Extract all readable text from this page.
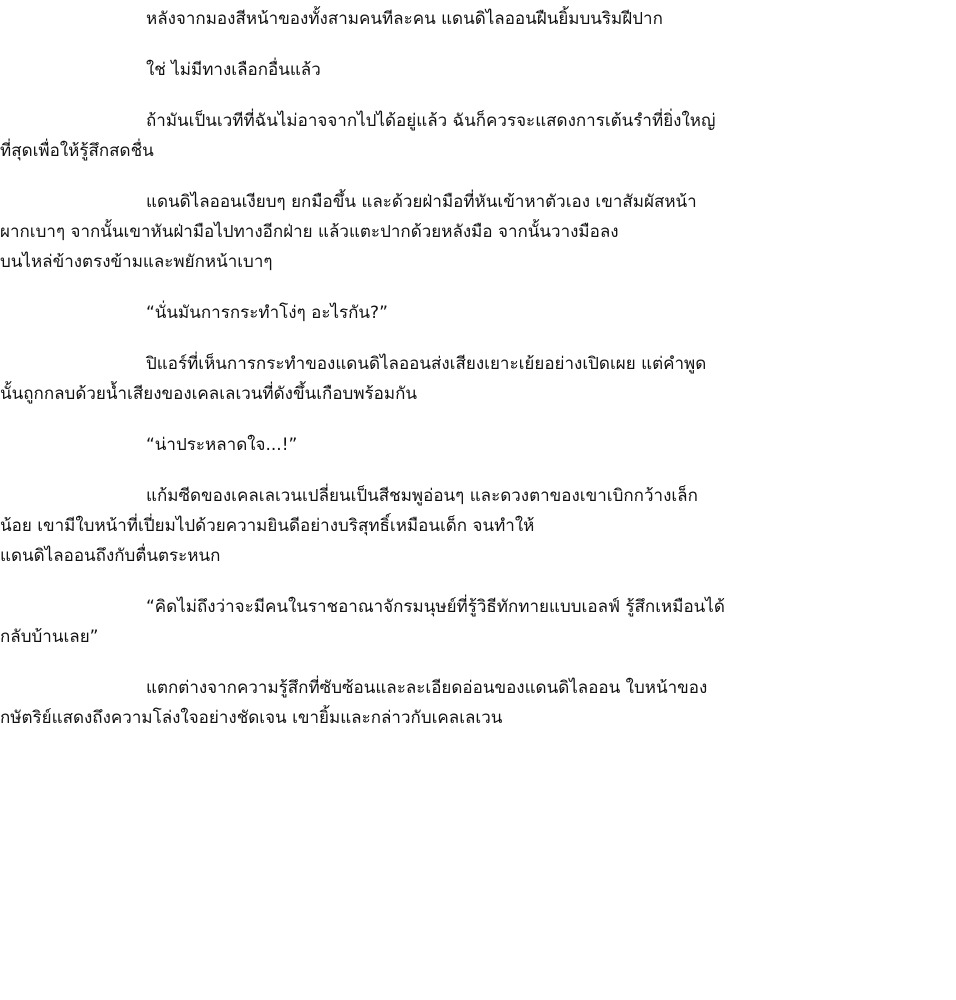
หลังจากมองสีหน้าของทั้งสามคนทีละคน แดนดิไลออนฝืนยิ้มบนริมฝีปาก
ใช่ ไม่มีทางเลือกอื่นแล้ว
ถ้ามันเป็นเวทีที่ฉันไม่อาจจากไปได้อยู่แล้ว ฉันก็ควรจะแสดงการเต้นรำที่ยิ่งใหญ่
ที่สุดเพื่อให้รู้สึกสดชื่น
แดนดิไลออนเงียบๆ ยกมือขึ้น และด้วยฝ่ามือที่หันเข้าหาตัวเอง เขาสัมผัสหน้า
ผากเบาๆ จากนั้นเขาหันฝ่ามือไปทางอีกฝ่าย แล้วแตะปากด้วยหลังมือ จากนั้นวางมือลง
บนไหล่ข้างตรงข้ามและพยักหน้าเบาๆ
“นั่นมันการกระทำโง่ๆ อะไรกัน?”
ปิแอร์ที่เห็นการกระทำของแดนดิไลออนส่งเสียงเยาะเย้ยอย่างเปิดเผย แต่คำพูด
นั้นถูกกลบด้วยน้ำเสียงของเคลเลเวนที่ดังขึ้นเกือบพร้อมกัน
“น่าประหลาดใจ...!”
แก้มซีดของเคลเลเวนเปลี่ยนเป็นสีชมพูอ่อนๆ และดวงตาของเขาเบิกกว้างเล็ก
น้อย เขามีใบหน้าที่เปี่ยมไปด้วยความยินดีอย่างบริสุทธิ์เหมือนเด็ก จนทำให้
แดนดิไลออนถึงกับตื่นตระหนก
“คิดไม่ถึงว่าจะมีคนในราชอาณาจักรมนุษย์ที่รู้วิธีทักทายแบบเอลฟ์ รู้สึกเหมือนได้
กลับบ้านเลย”
แตกต่างจากความรู้สึกที่ซับซ้อนและละเอียดอ่อนของแดนดิไลออน ใบหน้าของ
กษัตริย์แสดงถึงความโล่งใจอย่างชัดเจน เขายิ้มและกล่าวกับเคลเลเวน
